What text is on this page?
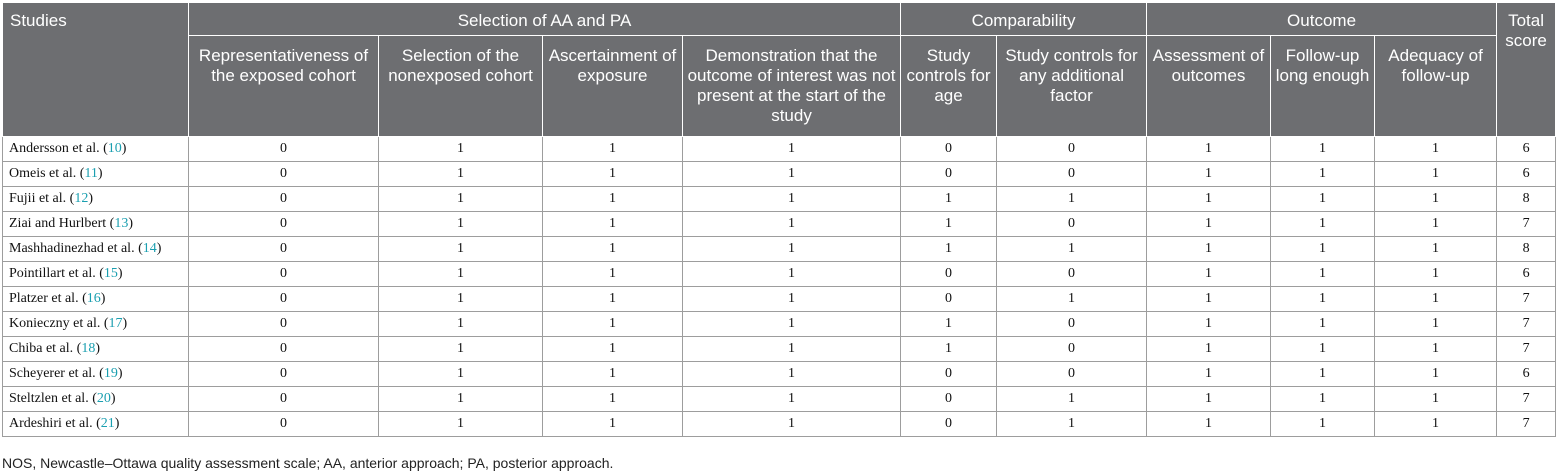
Studies	Selection of AA and PA				Comparability		Outcome			Total score
	Representativeness of the exposed cohort	Selection of the nonexposed cohort	Ascertainment of exposure	Demonstration that the outcome of interest was not present at the start of the study	Study controls for age	Study controls for any additional factor	Assessment of outcomes	Follow-up long enough	Adequacy of follow-up	
Andersson et al. (10)	0	1	1	1	0	0	1	1	1	6
Omeis et al. (11)	0	1	1	1	0	0	1	1	1	6
Fujii et al. (12)	0	1	1	1	1	1	1	1	1	8
Ziai and Hurlbert (13)	0	1	1	1	1	0	1	1	1	7
Mashhadinezhad et al. (14)	0	1	1	1	1	1	1	1	1	8
Pointillart et al. (15)	0	1	1	1	0	0	1	1	1	6
Platzer et al. (16)	0	1	1	1	0	1	1	1	1	7
Konieczny et al. (17)	0	1	1	1	1	0	1	1	1	7
Chiba et al. (18)	0	1	1	1	1	0	1	1	1	7
Scheyerer et al. (19)	0	1	1	1	0	0	1	1	1	6
Steltzlen et al. (20)	0	1	1	1	0	1	1	1	1	7
Ardeshiri et al. (21)	0	1	1	1	0	1	1	1	1	7
NOS, Newcastle–Ottawa quality assessment scale; AA, anterior approach; PA, posterior approach.
